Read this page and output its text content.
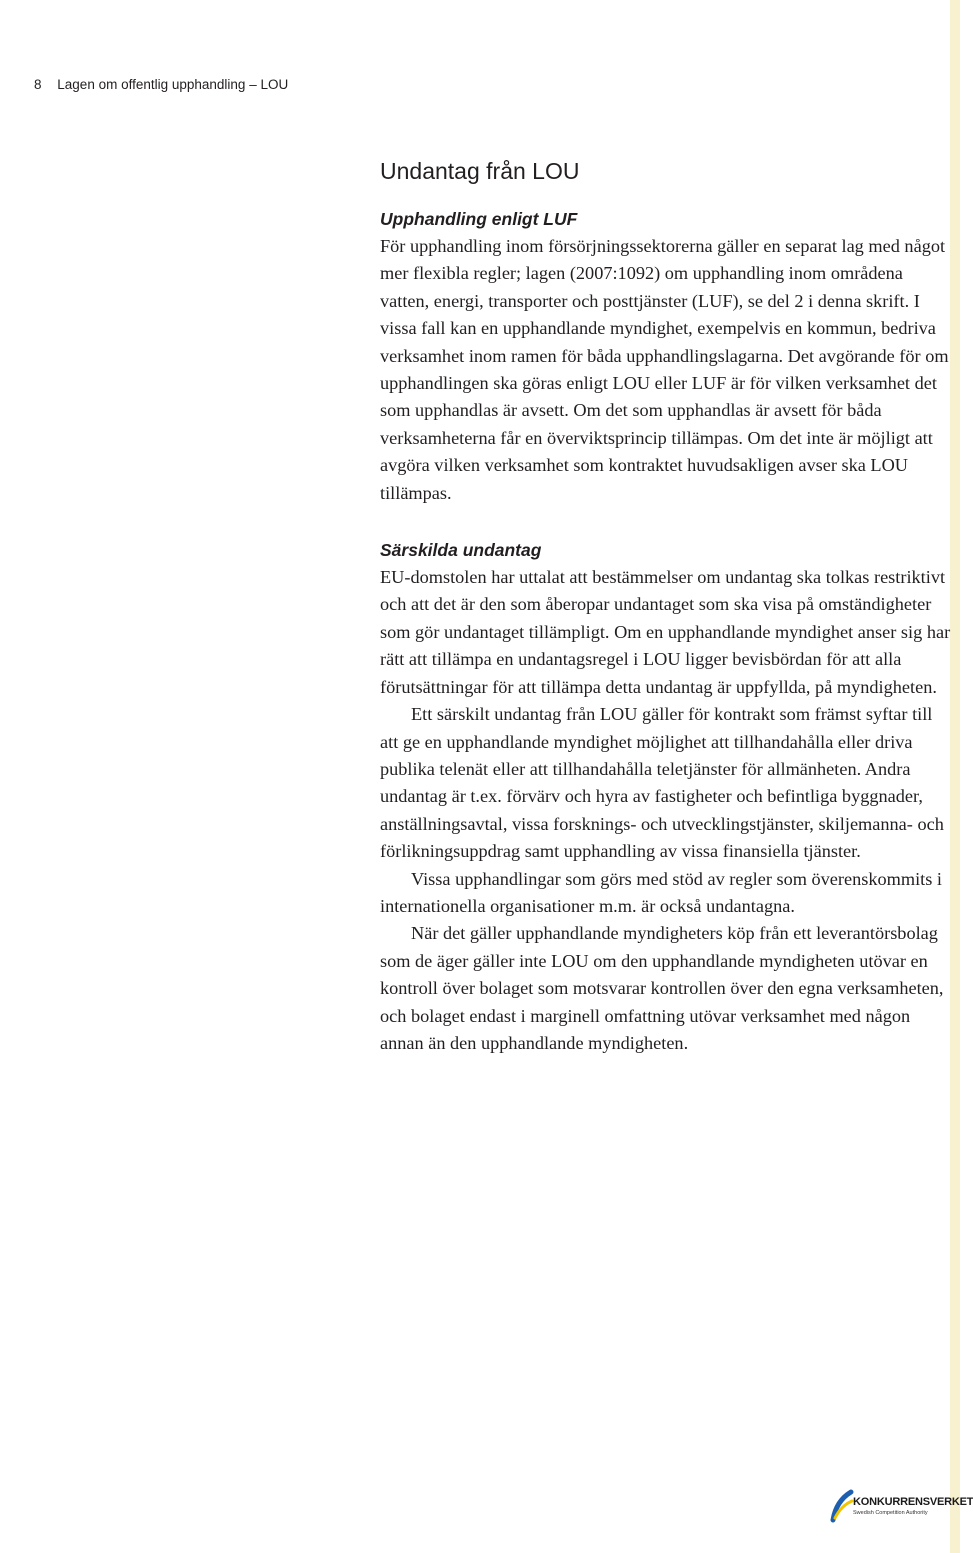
8 Lagen om offentlig upphandling – LOU
Undantag från LOU
Upphandling enligt LUF

För upphandling inom försörjningssektorerna gäller en separat lag med något mer flexibla regler; lagen (2007:1092) om upphandling inom områdena vatten, energi, transporter och posttjänster (LUF), se del 2 i denna skrift. I vissa fall kan en upphandlande myndighet, exempelvis en kommun, bedriva verksamhet inom ramen för båda upphandlingslagarna. Det avgörande för om upphandlingen ska göras enligt LOU eller LUF är för vilken verksamhet det som upphandlas är avsett. Om det som upphandlas är avsett för båda verksamheterna får en överviktsprincip tillämpas. Om det inte är möjligt att avgöra vilken verksamhet som kontraktet huvudsakligen avser ska LOU tillämpas.

Särskilda undantag

EU-domstolen har uttalat att bestämmelser om undantag ska tolkas restriktivt och att det är den som åberopar undantaget som ska visa på omständigheter som gör undantaget tillämpligt. Om en upphandlande myndighet anser sig har rätt att tillämpa en undantagsregel i LOU ligger bevisbördan för att alla förutsättningar för att tillämpa detta undantag är uppfyllda, på myndigheten.

Ett särskilt undantag från LOU gäller för kontrakt som främst syftar till att ge en upphandlande myndighet möjlighet att tillhandahålla eller driva publika telenät eller att tillhandahålla teletjänster för allmänheten. Andra undantag är t.ex. förvärv och hyra av fastigheter och befintliga byggnader, anställningsavtal, vissa forsknings- och utvecklingstjänster, skiljemanna- och förlikningsuppdrag samt upphandling av vissa finansiella tjänster.

Vissa upphandlingar som görs med stöd av regler som överenskommits i internationella organisationer m.m. är också undantagna.

När det gäller upphandlande myndigheters köp från ett leverantörsbolag som de äger gäller inte LOU om den upphandlande myndigheten utövar en kontroll över bolaget som motsvarar kontrollen över den egna verksamheten, och bolaget endast i marginell omfattning utövar verksamhet med någon annan än den upphandlande myndigheten.

KONKURRENSVERKET
Swedish Competition Authority
